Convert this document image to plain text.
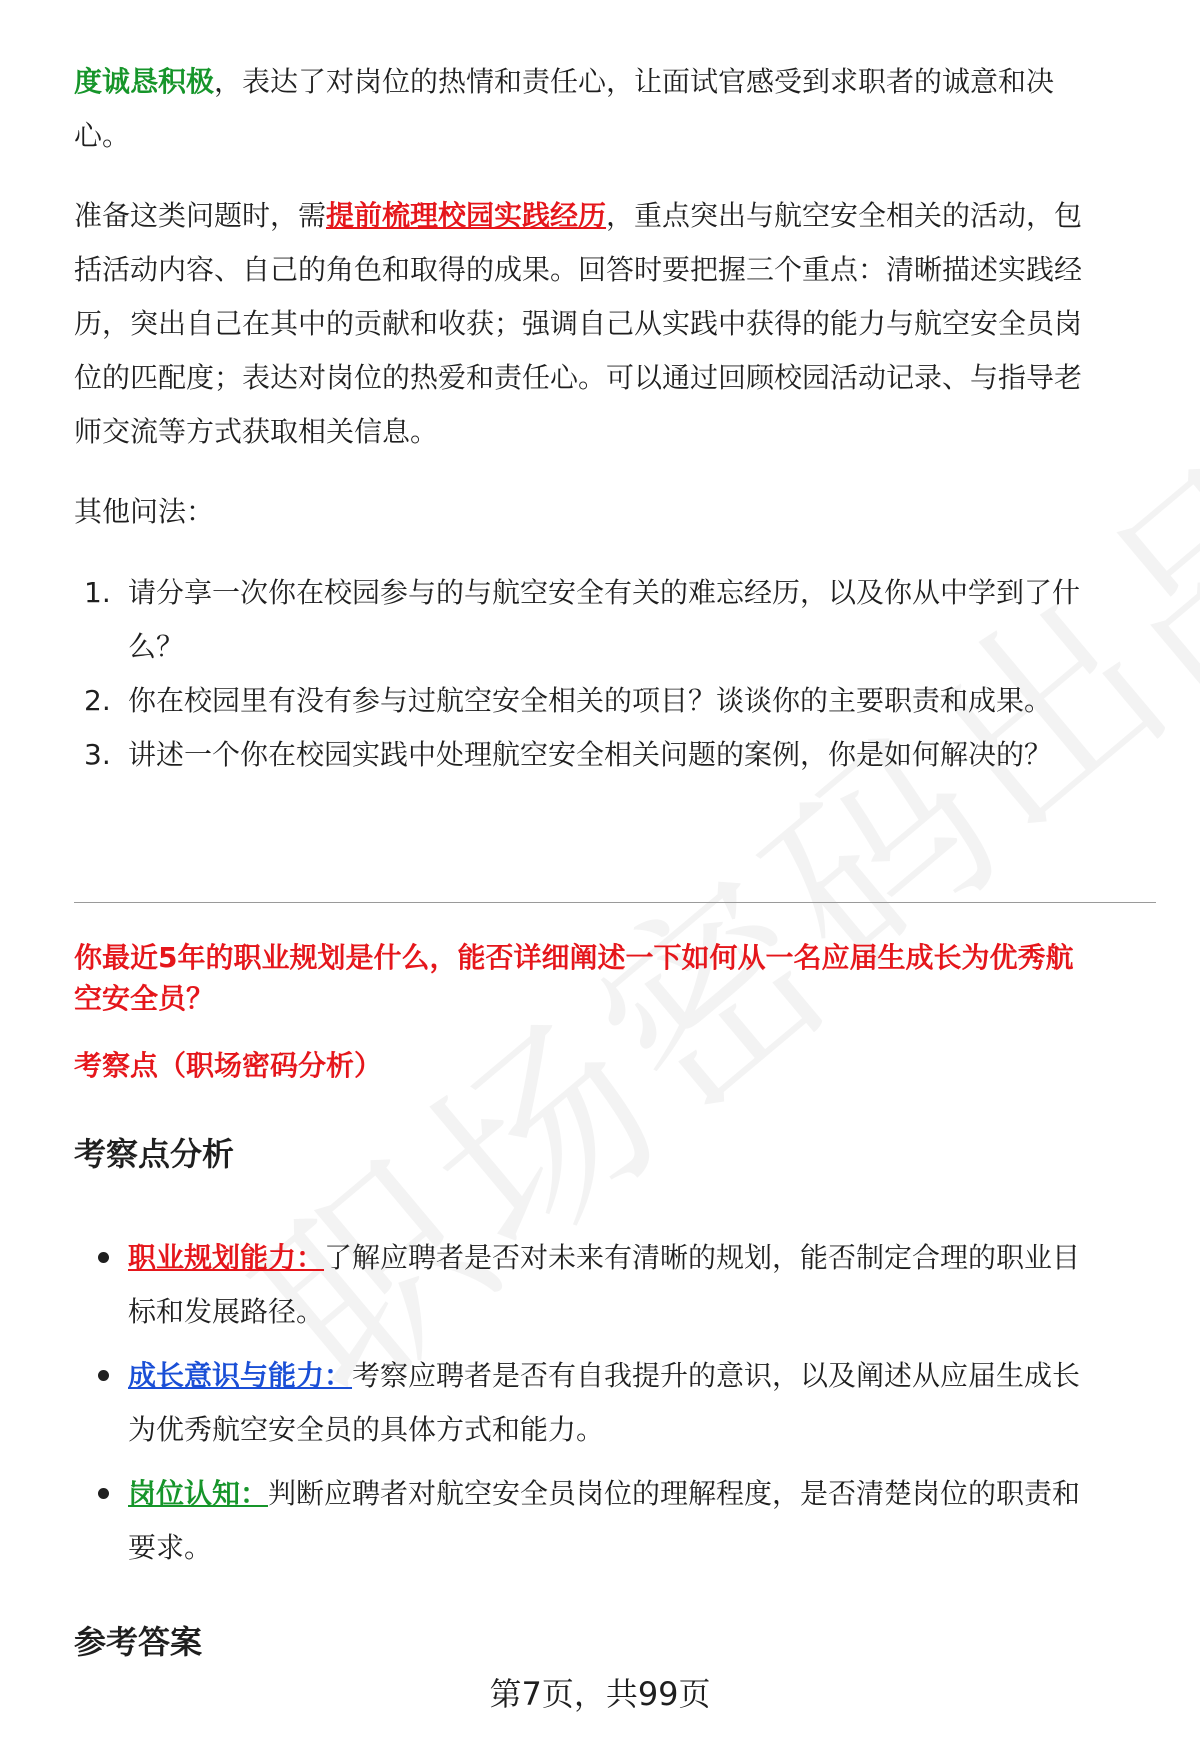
度诚恳积极，表达了对岗位的热情和责任心，让面试官感受到求职者的诚意和决

心。

准备这类问题时，需提前梳理校园实践经历，重点突出与航空安全相关的活动，包

括活动内容、自己的角色和取得的成果。回答时要把握三个重点：清晰描述实践经

历，突出自己在其中的贡献和收获；强调自己从实践中获得的能力与航空安全员岗

位的匹配度；表达对岗位的热爱和责任心。可以通过回顾校园活动记录、与指导老

师交流等方式获取相关信息。

其他问法：

1. 请分享一次你在校园参与的与航空安全有关的难忘经历，以及你从中学到了什

么？

2. 你在校园里有没有参与过航空安全相关的项目？谈谈你的主要职责和成果。

3. 讲述一个你在校园实践中处理航空安全相关问题的案例，你是如何解决的？

你最近5年的职业规划是什么，能否详细阐述一下如何从一名应届生成长为优秀航

空安全员？

考察点（职场密码分析）

考察点分析

职业规划能力：了解应聘者是否对未来有清晰的规划，能否制定合理的职业目

标和发展路径。

成长意识与能力：考察应聘者是否有自我提升的意识，以及阐述从应届生成长

为优秀航空安全员的具体方式和能力。

岗位认知：判断应聘者对航空安全员岗位的理解程度，是否清楚岗位的职责和

要求。

参考答案
第7页，共99页
